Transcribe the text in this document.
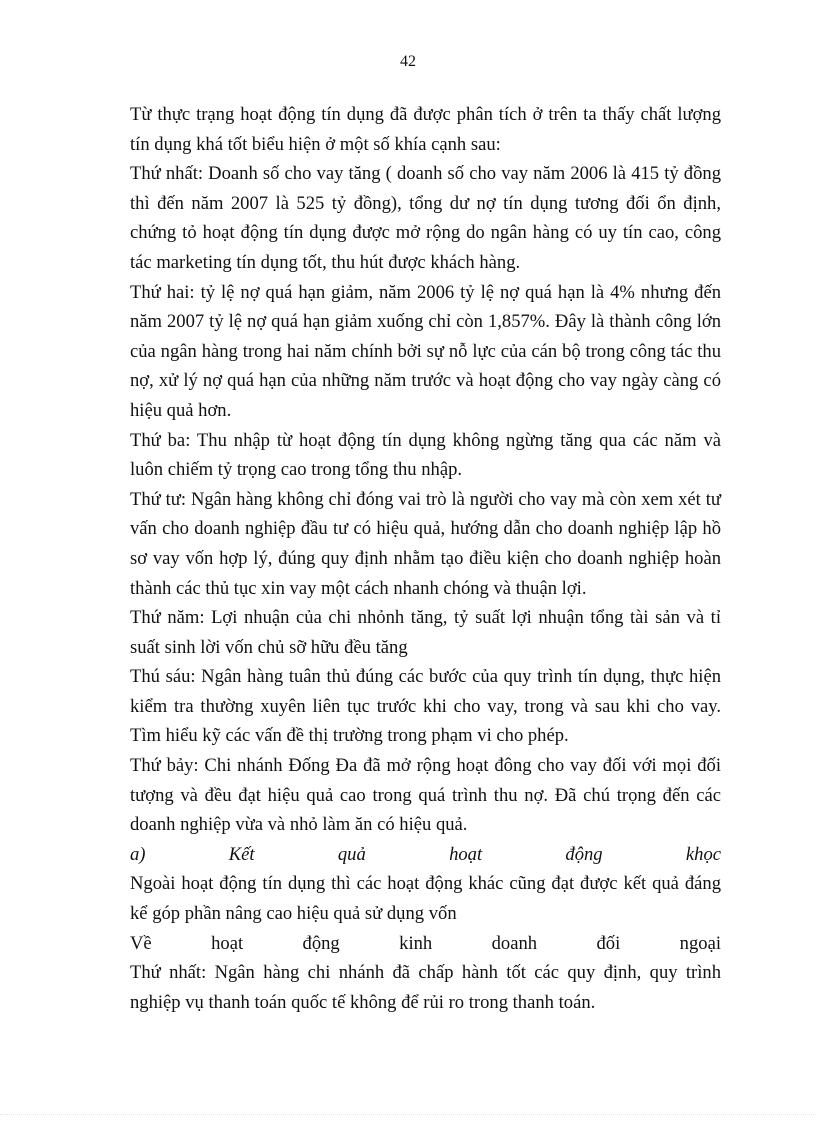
42

Từ thực trạng hoạt động tín dụng đã được phân tích ở trên ta thấy chất lượng tín dụng khá tốt biểu hiện ở một số khía cạnh sau:

Thứ nhất: Doanh số cho vay tăng ( doanh số cho vay năm 2006 là 415 tỷ đồng thì đến năm 2007 là 525 tỷ đồng), tổng dư nợ tín dụng tương đối ổn định, chứng tỏ hoạt động tín dụng được mở rộng do ngân hàng có uy tín cao, công tác marketing tín dụng tốt, thu hút được khách hàng.

Thứ hai: tỷ lệ nợ quá hạn giảm, năm 2006 tỷ lệ nợ quá hạn là 4% nhưng đến năm 2007 tỷ lệ nợ quá hạn giảm xuống chỉ còn 1,857%. Đây là thành công lớn của ngân hàng trong hai năm chính bởi sự nỗ lực của cán bộ trong công tác thu nợ, xử lý nợ quá hạn của những năm trước và hoạt động cho vay ngày càng có hiệu quả hơn.

Thứ ba: Thu nhập từ hoạt động tín dụng không ngừng tăng qua các năm và luôn chiếm tỷ trọng cao trong tổng thu nhập.

Thứ tư: Ngân hàng không chỉ đóng vai trò là người cho vay mà còn xem xét tư vấn cho doanh nghiệp đầu tư có hiệu quả, hướng dẫn cho doanh nghiệp lập hồ sơ vay vốn hợp lý, đúng quy định nhằm tạo điều kiện cho doanh nghiệp hoàn thành các thủ tục xin vay một cách nhanh chóng và thuận lợi.

Thứ năm: Lợi nhuận của chi nhỏnh tăng, tỷ suất lợi nhuận tổng tài sản và tỉ suất sinh lời vốn chủ sỡ hữu đều tăng

Thú sáu: Ngân hàng tuân thủ đúng các bước của quy trình tín dụng, thực hiện kiểm tra thường xuyên liên tục trước khi cho vay, trong và sau khi cho vay. Tìm hiểu kỹ các vấn đề thị trường trong phạm vi cho phép.

Thứ bảy: Chi nhánh Đống Đa đã mở rộng hoạt đông cho vay đối với mọi đối tượng và đều đạt hiệu quả cao trong quá trình thu nợ. Đã chú trọng đến các doanh nghiệp vừa và nhỏ làm ăn có hiệu quả.

a) Kết quả hoạt động khọc

Ngoài hoạt động tín dụng thì các hoạt động khác cũng đạt được kết quả đáng kể góp phần nâng cao hiệu quả sử dụng vốn

Về hoạt động kinh doanh đối ngoại

Thứ nhất: Ngân hàng chi nhánh đã chấp hành tốt các quy định, quy trình nghiệp vụ thanh toán quốc tế không để rủi ro trong thanh toán.
